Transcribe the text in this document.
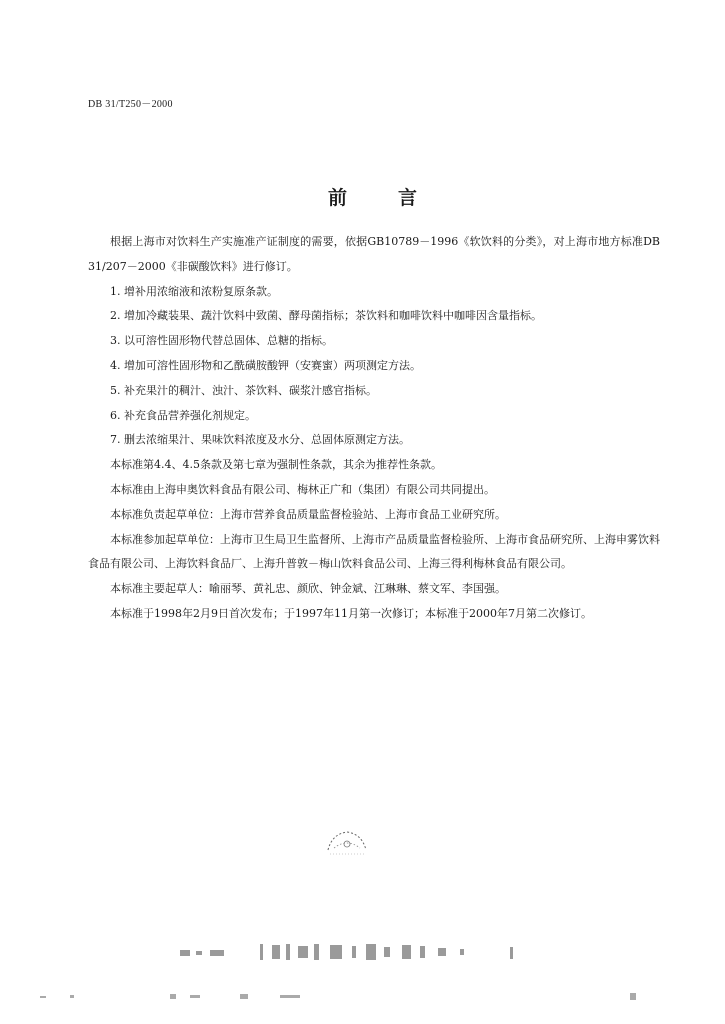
DB 31/T250－2000
前	言

根据上海市对饮料生产实施准产证制度的需要，依据GB10789－1996《软饮料的分类》，对上海市地方标准DB 31/207－2000《非碳酸饮料》进行修订。

1. 增补用浓缩液和浓粉复原条款。

2. 增加冷藏装果、蔬汁饮料中致菌、酵母菌指标；茶饮料和咖啡饮料中咖啡因含量指标。

3. 以可溶性固形物代替总固体、总糖的指标。

4. 增加可溶性固形物和乙酰磺胺酸钾（安赛蜜）两项测定方法。

5. 补充果汁的稠汁、浊汁、茶饮料、碳浆汁感官指标。

6. 补充食品营养强化剂规定。

7. 删去浓缩果汁、果味饮料浓度及水分、总固体原测定方法。

本标准第4.4、4.5条款及第七章为强制性条款，其余为推荐性条款。

本标准由上海申奥饮料食品有限公司、梅林正广和（集团）有限公司共同提出。

本标准负责起草单位：上海市营养食品质量监督检验站、上海市食品工业研究所。

本标准参加起草单位：上海市卫生局卫生监督所、上海市产品质量监督检验所、上海市食品研究所、上海申雾饮料食品有限公司、上海饮料食品厂、上海升普敦－梅山饮料食品公司、上海三得利梅林食品有限公司。

本标准主要起草人：喻丽琴、黄礼忠、颜欣、钟金斌、江琳琳、蔡文军、李国强。

本标准于1998年2月9日首次发布；于1997年11月第一次修订；本标准于2000年7月第二次修订。
